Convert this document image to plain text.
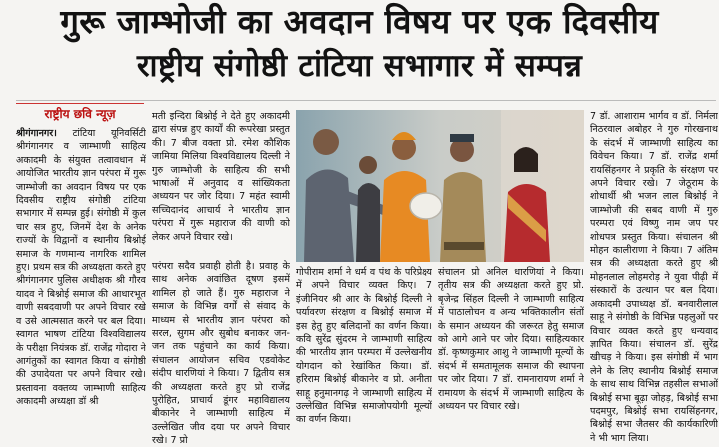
गुरू जाम्भोजी का अवदान विषय पर एक दिवसीय
राष्ट्रीय संगोष्ठी टांटिया सभागार में सम्पन्न
राष्ट्रीय छवि न्यूज़
श्रीगंगानगर। टांटिया यूनिवर्सिटी श्रीगंगानगर व जाम्भाणी साहित्य अकादमी के संयुक्त तत्वावधान में आयोजित भारतीय ज्ञान परंपरा में गुरू जाम्भोजी का अवदान विषय पर एक दिवसीय राष्ट्रीय संगोष्ठी टांटिया सभागार में सम्पन्न हुई। संगोष्ठी में कुल चार सत्र हुए, जिनमें देश के अनेक राज्यों के विद्वानों व स्थानीय बिश्नोई समाज के गणमान्य नागरिक शामिल हुए। प्रथम सत्र की अध्यक्षता करते हुए श्रीगंगानगर पुलिस अधीक्षक श्री गौरव यादव ने बिश्नोई समाज की आधारभूत वाणी सबदवाणी पर अपने विचार रखे व उसे आत्मसात करने पर बल दिया। स्वागत भाषण टांटिया विश्वविद्यालय के परीक्षा नियंत्रक डॉ. राजेंद्र गोदारा ने आगंतुकों का स्वागत किया व संगोष्ठी की उपादेयता पर अपने विचार रखे। प्रस्तावना वक्तव्य जाम्भाणी साहित्य अकादमी अध्यक्षा डॉ श्री
मती इन्दिरा बिश्नोई ने देते हुए अकादमी द्वारा संपन्न हुए कार्यों की रूपरेखा प्रस्तुत की। 7 बीज वक्ता प्रो. रमेश कौशिक जामिया मिलिया विश्वविद्यालय दिल्ली ने गुरु जाम्भोजी के साहित्य की सभी भाषाओं में अनुवाद व सांख्यिकता अध्ययन पर जोर दिया। 7 महंत स्वामी सच्चिदानंद आचार्य ने भारतीय ज्ञान परंपरा में गुरू महाराज की वाणी को लेकर अपने विचार रखे।
परंपरा सदैव प्रवाही होती है। प्रवाह के साथ अनेक अवांछित दूषण इसमें शामिल हो जाते हैं। गुरु महाराज ने समाज के विभिन्न वर्गों से संवाद के माध्यम से भारतीय ज्ञान परंपरा को सरल, सुगम और सुबोध बनाकर जन-जन तक पहुंचाने का कार्य किया। संचालन आयोजन सचिव एडवोकेट संदीप धारणियां ने किया। 7 द्वितीय सत्र की अध्यक्षता करते हुए प्रो राजेंद्र पुरोहित, प्राचार्य डूंगर महाविद्यालय बीकानेर ने जाम्भाणी साहित्य में उल्लेखित जीव दया पर अपने विचार रखे। 7 प्रो
गोपीराम शर्मा ने धर्म व पंथ के परिप्रेक्ष्य में अपने विचार व्यक्त किए। 7 इंजीनियर श्री आर के बिश्नोई दिल्ली ने पर्यावरण संरक्षण व बिश्नोई समाज में इस हेतु हुए बलिदानों का वर्णन किया। कवि सुरेंद्र सुंदरम ने जाम्भाणी साहित्य की भारतीय ज्ञान परम्परा में उल्लेखनीय योगदान को रेखांकित किया। डॉ. हरिराम बिश्नोई बीकानेर व प्रो. अनीता साहू हनुमानगढ़ ने जाम्भाणी साहित्य में उल्लेखित विभिन्न समाजोपयोगी मूल्यों का वर्णन किया।
संचालन प्रो अनिल धारणियां ने किया। तृतीय सत्र की अध्यक्षता करते हुए प्रो. बृजेन्द्र सिंहल दिल्ली ने जाम्भाणी साहित्य में पाठालोचन व अन्य भक्तिकालीन संतों के समान अध्ययन की जरूरत हेतु समाज को आगे आने पर जोर दिया। साहित्यकार डॉ. कृष्णकुमार आशु ने जाम्भाणी मूल्यों के संदर्भ में समतामूलक समाज की स्थापना पर जोर दिया। 7 डॉ. रामनारायण शर्मा ने रामायण के संदर्भ में जाम्भाणी साहित्य के अध्ययन पर विचार रखे।
7 डॉ. आशाराम भार्गव व डॉ. निर्मला निठरवाल अबोहर ने गुरु गोरखनाथ के संदर्भ में जाम्भाणी साहित्य का विवेचन किया। 7 डॉ. राजेंद्र शर्मा रायसिंहनगर ने प्रकृति के संरक्षण पर अपने विचार रखे। 7 जेठूराम के शोधार्थी श्री भजन लाल बिश्नोई ने जाम्भोजी की सबद वाणी में गुरु परम्परा एवं विष्णु नाम जप पर शोधपत्र प्रस्तुत किया। संचालन श्री मोहन कालीराणा ने किया। 7 अंतिम सत्र की अध्यक्षता करते हुए श्री मोहनलाल लोहमरोड़ ने युवा पीढ़ी में संस्कारों के उत्थान पर बल दिया। अकादमी उपाध्यक्ष डॉ. बनवारीलाल साहू ने संगोष्ठी के विभिन्न पहलुओं पर विचार व्यक्त करते हुए धन्यवाद ज्ञापित किया। संचालन डॉ. सुरेंद्र खीचड़ ने किया। इस संगोष्ठी में भाग लेने के लिए स्थानीय बिश्नोई समाज के साथ साथ विभिन्न तहसील सभाओं बिश्नोई सभा बूढ़ा जोहड़, बिश्नोई सभा पदमपुर, बिश्नोई सभा रायसिंहनगर, बिश्नोई सभा जैतसर की कार्यकारिणी ने भी भाग लिया।
